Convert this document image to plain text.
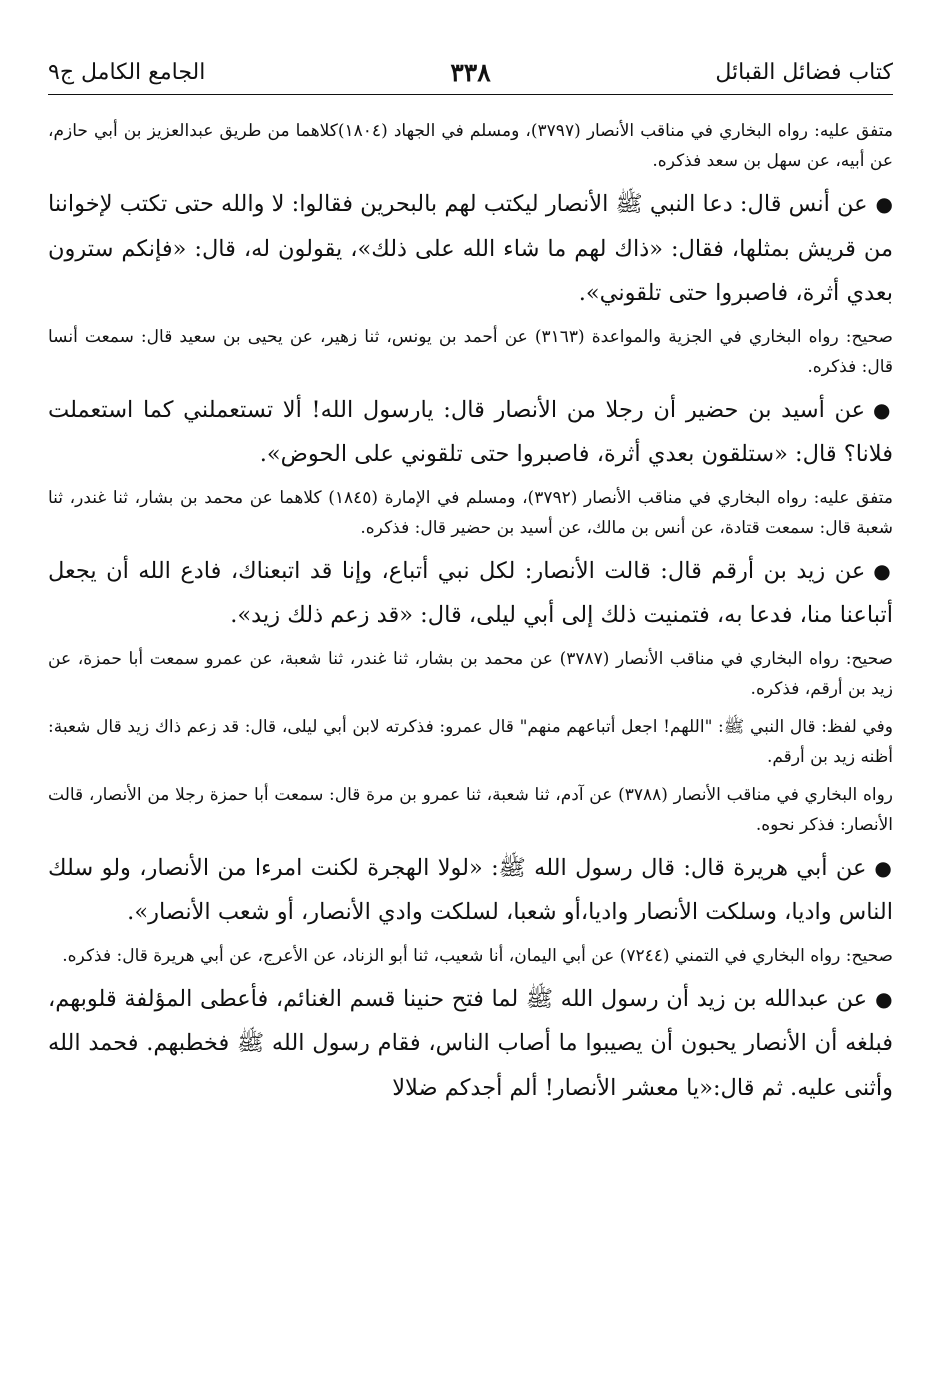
كتاب فضائل القبائل
٣٣٨
الجامع الكامل ج٩
متفق عليه: رواه البخاري في مناقب الأنصار (٣٧٩٧)، ومسلم في الجهاد (١٨٠٤)كلاهما من طريق عبدالعزيز بن أبي حازم، عن أبيه، عن سهل بن سعد فذكره.
●عن أنس قال: دعا النبي ﷺ الأنصار ليكتب لهم بالبحرين فقالوا: لا والله حتى تكتب لإخواننا من قريش بمثلها، فقال: «ذاك لهم ما شاء الله على ذلك»، يقولون له، قال: «فإنكم سترون بعدي أثرة، فاصبروا حتى تلقوني».
صحيح: رواه البخاري في الجزية والمواعدة (٣١٦٣) عن أحمد بن يونس، ثنا زهير، عن يحيى بن سعيد قال: سمعت أنسا قال: فذكره.
●عن أسيد بن حضير أن رجلا من الأنصار قال: يارسول الله! ألا تستعملني كما استعملت فلانا؟ قال: «ستلقون بعدي أثرة، فاصبروا حتى تلقوني على الحوض».
متفق عليه: رواه البخاري في مناقب الأنصار (٣٧٩٢)، ومسلم في الإمارة (١٨٤٥) كلاهما عن محمد بن بشار، ثنا غندر، ثنا شعبة قال: سمعت قتادة، عن أنس بن مالك، عن أسيد بن حضير قال: فذكره.
●عن زيد بن أرقم قال: قالت الأنصار: لكل نبي أتباع، وإنا قد اتبعناك، فادع الله أن يجعل أتباعنا منا، فدعا به، فتمنيت ذلك إلى أبي ليلى، قال: «قد زعم ذلك زيد».
صحيح: رواه البخاري في مناقب الأنصار (٣٧٨٧) عن محمد بن بشار، ثنا غندر، ثنا شعبة، عن عمرو سمعت أبا حمزة، عن زيد بن أرقم، فذكره.
وفي لفظ: قال النبي ﷺ: "اللهم! اجعل أتباعهم منهم" قال عمرو: فذكرته لابن أبي ليلى، قال: قد زعم ذاك زيد قال شعبة: أظنه زيد بن أرقم.
رواه البخاري في مناقب الأنصار (٣٧٨٨) عن آدم، ثنا شعبة، ثنا عمرو بن مرة قال: سمعت أبا حمزة رجلا من الأنصار، قالت الأنصار: فذكر نحوه.
●عن أبي هريرة قال: قال رسول الله ﷺ: «لولا الهجرة لكنت امرءا من الأنصار، ولو سلك الناس واديا، وسلكت الأنصار واديا،أو شعبا، لسلكت وادي الأنصار، أو شعب الأنصار».
صحيح: رواه البخاري في التمني (٧٢٤٤) عن أبي اليمان، أنا شعيب، ثنا أبو الزناد، عن الأعرج، عن أبي هريرة قال: فذكره.
●عن عبدالله بن زيد أن رسول الله ﷺ لما فتح حنينا قسم الغنائم، فأعطى المؤلفة قلوبهم، فبلغه أن الأنصار يحبون أن يصيبوا ما أصاب الناس، فقام رسول الله ﷺ فخطبهم. فحمد الله وأثنى عليه. ثم قال:«يا معشر الأنصار! ألم أجدكم ضلالا
